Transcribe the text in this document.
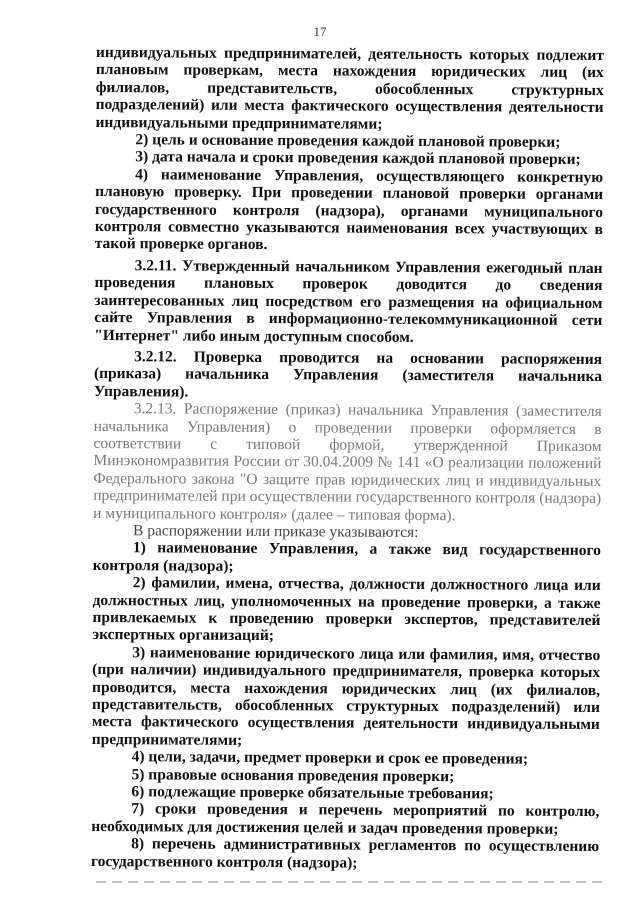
17

индивидуальных предпринимателей, деятельность которых подлежит плановым проверкам, места нахождения юридических лиц (их филиалов, представительств, обособленных структурных подразделений) или места фактического осуществления деятельности индивидуальными предпринимателями;

2) цель и основание проведения каждой плановой проверки;

3) дата начала и сроки проведения каждой плановой проверки;

4) наименование Управления, осуществляющего конкретную плановую проверку. При проведении плановой проверки органами государственного контроля (надзора), органами муниципального контроля совместно указываются наименования всех участвующих в такой проверке органов.

3.2.11. Утвержденный начальником Управления ежегодный план проведения плановых проверок доводится до сведения заинтересованных лиц посредством его размещения на официальном сайте Управления в информационно-телекоммуникационной сети "Интернет" либо иным доступным способом.

3.2.12. Проверка проводится на основании распоряжения (приказа) начальника Управления (заместителя начальника Управления).

3.2.13. Распоряжение (приказ) начальника Управления (заместителя начальника Управления) о проведении проверки оформляется в соответствии с типовой формой, утвержденной Приказом Минэкономразвития России от 30.04.2009 № 141 «О реализации положений Федерального закона "О защите прав юридических лиц и индивидуальных предпринимателей при осуществлении государственного контроля (надзора) и муниципального контроля» (далее – типовая форма).

В распоряжении или приказе указываются:

1) наименование Управления, а также вид государственного контроля (надзора);

2) фамилии, имена, отчества, должности должностного лица или должностных лиц, уполномоченных на проведение проверки, а также привлекаемых к проведению проверки экспертов, представителей экспертных организаций;

3) наименование юридического лица или фамилия, имя, отчество (при наличии) индивидуального предпринимателя, проверка которых проводится, места нахождения юридических лиц (их филиалов, представительств, обособленных структурных подразделений) или места фактического осуществления деятельности индивидуальными предпринимателями;

4) цели, задачи, предмет проверки и срок ее проведения;

5) правовые основания проведения проверки;

6) подлежащие проверке обязательные требования;

7) сроки проведения и перечень мероприятий по контролю, необходимых для достижения целей и задач проведения проверки;

8) перечень административных регламентов по осуществлению государственного контроля (надзора);
